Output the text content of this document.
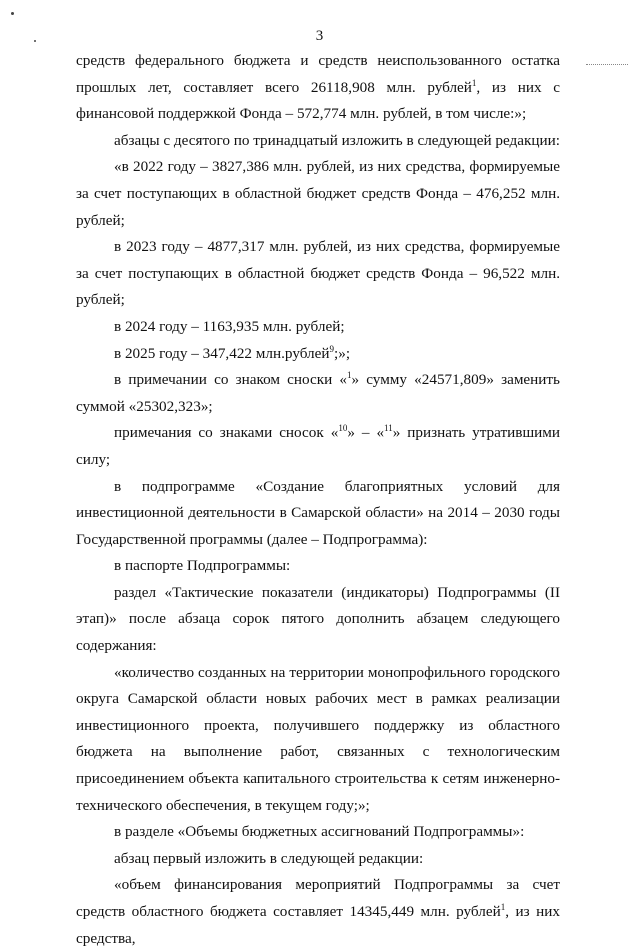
3

средств федерального бюджета и средств неиспользованного остатка прошлых лет, составляет всего 26118,908 млн. рублей$^1$, из них с финансовой поддержкой Фонда – 572,774 млн. рублей, в том числе:»;

абзацы с десятого по тринадцатый изложить в следующей редакции:

«в 2022 году – 3827,386 млн. рублей, из них средства, формируемые за счет поступающих в областной бюджет средств Фонда – 476,252 млн. рублей;

в 2023 году – 4877,317 млн. рублей, из них средства, формируемые за счет поступающих в областной бюджет средств Фонда – 96,522 млн. рублей;

в 2024 году – 1163,935 млн. рублей;

в 2025 году – 347,422 млн.рублей$^9$;»;

в примечании со знаком сноски «$^1$» сумму «24571,809» заменить суммой «25302,323»;

примечания со знаками сносок «$^{10}$» – «$^{11}$» признать утратившими силу;

в подпрограмме «Создание благоприятных условий для инвестиционной деятельности в Самарской области» на 2014 – 2030 годы Государственной программы (далее – Подпрограмма):

в паспорте Подпрограммы:

раздел «Тактические показатели (индикаторы) Подпрограммы (II этап)» после абзаца сорок пятого дополнить абзацем следующего содержания:

«количество созданных на территории монопрофильного городского округа Самарской области новых рабочих мест в рамках реализации инвестиционного проекта, получившего поддержку из областного бюджета на выполнение работ, связанных с технологическим присоединением объекта капитального строительства к сетям инженерно-технического обеспечения, в текущем году;»;

в разделе «Объемы бюджетных ассигнований Подпрограммы»:

абзац первый изложить в следующей редакции:

«объем финансирования мероприятий Подпрограммы за счет средств областного бюджета составляет 14345,449 млн. рублей$^1$, из них средства,
